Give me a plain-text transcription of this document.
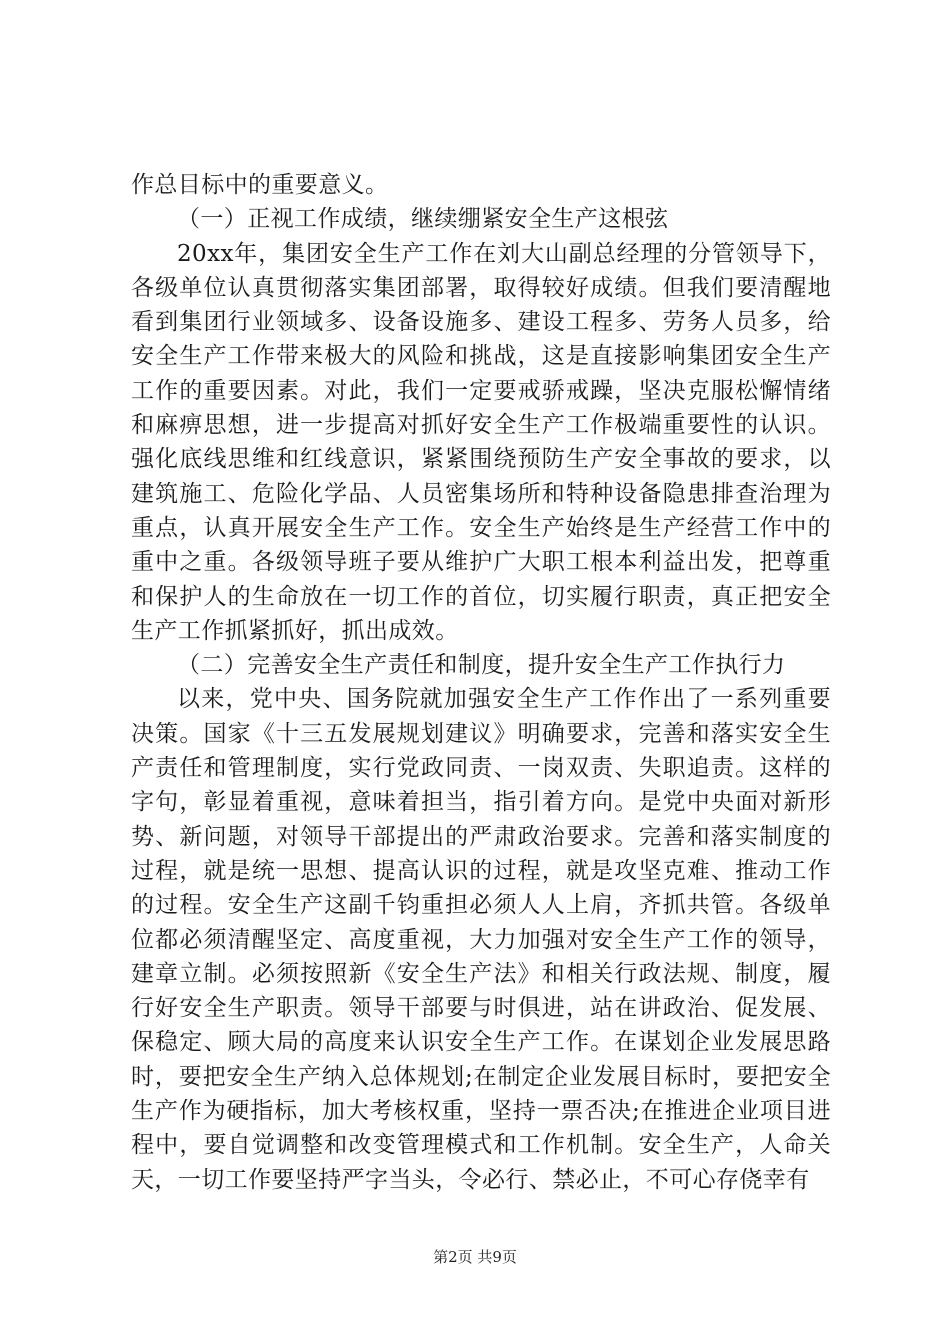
作总目标中的重要意义。

（一）正视工作成绩，继续绷紧安全生产这根弦

20xx年，集团安全生产工作在刘大山副总经理的分管领导下，各级单位认真贯彻落实集团部署，取得较好成绩。但我们要清醒地看到集团行业领域多、设备设施多、建设工程多、劳务人员多，给安全生产工作带来极大的风险和挑战，这是直接影响集团安全生产工作的重要因素。对此，我们一定要戒骄戒躁，坚决克服松懈情绪和麻痹思想，进一步提高对抓好安全生产工作极端重要性的认识。强化底线思维和红线意识，紧紧围绕预防生产安全事故的要求，以建筑施工、危险化学品、人员密集场所和特种设备隐患排查治理为重点，认真开展安全生产工作。安全生产始终是生产经营工作中的重中之重。各级领导班子要从维护广大职工根本利益出发，把尊重和保护人的生命放在一切工作的首位，切实履行职责，真正把安全生产工作抓紧抓好，抓出成效。

（二）完善安全生产责任和制度，提升安全生产工作执行力

以来，党中央、国务院就加强安全生产工作作出了一系列重要决策。国家《十三五发展规划建议》明确要求，完善和落实安全生产责任和管理制度，实行党政同责、一岗双责、失职追责。这样的字句，彰显着重视，意味着担当，指引着方向。是党中央面对新形势、新问题，对领导干部提出的严肃政治要求。完善和落实制度的过程，就是统一思想、提高认识的过程，就是攻坚克难、推动工作的过程。安全生产这副千钧重担必须人人上肩，齐抓共管。各级单位都必须清醒坚定、高度重视，大力加强对安全生产工作的领导，建章立制。必须按照新《安全生产法》和相关行政法规、制度，履行好安全生产职责。领导干部要与时俱进，站在讲政治、促发展、保稳定、顾大局的高度来认识安全生产工作。在谋划企业发展思路时，要把安全生产纳入总体规划;在制定企业发展目标时，要把安全生产作为硬指标，加大考核权重，坚持一票否决;在推进企业项目进程中，要自觉调整和改变管理模式和工作机制。安全生产，人命关天，一切工作要坚持严字当头，令必行、禁必止，不可心存侥幸有

第2页 共9页
